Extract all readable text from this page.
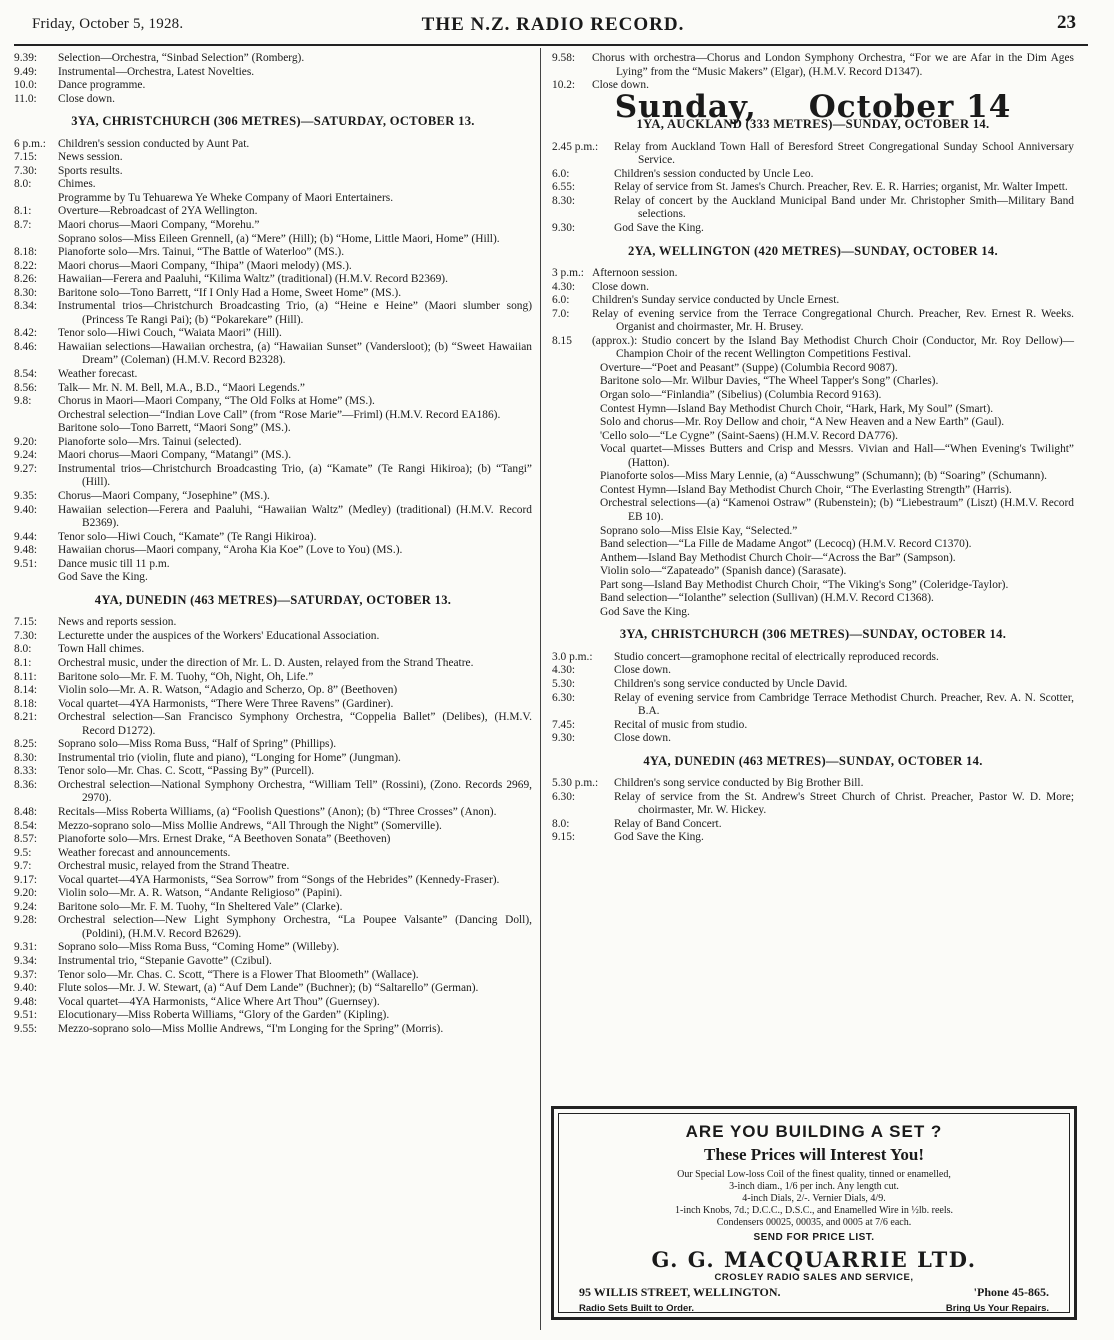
Friday, October 5, 1928.	THE N.Z. RADIO RECORD.	23
9.39:	Selection—Orchestra, “Sinbad Selection” (Romberg).
9.49:	Instrumental—Orchestra, Latest Novelties.
10.0:	Dance programme.
11.0:	Close down.
3YA, CHRISTCHURCH (306 METRES)—SATURDAY, OCTOBER 13.
6 p.m.:	Children's session conducted by Aunt Pat.
7.15:	News session.
7.30:	Sports results.
8.0:	Chimes.
Programme by Tu Tehuarewa Ye Wheke Company of Maori Entertainers.
8.1:	Overture—Rebroadcast of 2YA Wellington.
8.7:	Maori chorus—Maori Company, “Morehu.”
Soprano solos—Miss Eileen Grennell, (a) “Mere” (Hill); (b) “Home, Little Maori, Home” (Hill).
8.18:	Pianoforte solo—Mrs. Tainui, “The Battle of Waterloo” (MS.).
8.22:	Maori chorus—Maori Company, “Ihipa” (Maori melody) (MS.).
8.26:	Hawaiian—Ferera and Paaluhi, “Kilima Waltz” (traditional) (H.M.V. Record B2369).
8.30:	Baritone solo—Tono Barrett, “If I Only Had a Home, Sweet Home” (MS.).
8.34:	Instrumental trios—Christchurch Broadcasting Trio, (a) “Heine e Heine” (Maori slumber song) (Princess Te Rangi Pai); (b) “Pokarekare” (Hill).
8.42:	Tenor solo—Hiwi Couch, “Waiata Maori” (Hill).
8.46:	Hawaiian selections—Hawaiian orchestra, (a) “Hawaiian Sunset” (Vandersloot); (b) “Sweet Hawaiian Dream” (Coleman) (H.M.V. Record B2328).
8.54:	Weather forecast.
8.56:	Talk— Mr. N. M. Bell, M.A., B.D., “Maori Legends.”
9.8:	Chorus in Maori—Maori Company, “The Old Folks at Home” (MS.).
Orchestral selection—“Indian Love Call” (from “Rose Marie”—Friml) (H.M.V. Record EA186).
Baritone solo—Tono Barrett, “Maori Song” (MS.).
9.20:	Pianoforte solo—Mrs. Tainui (selected).
9.24:	Maori chorus—Maori Company, “Matangi” (MS.).
9.27:	Instrumental trios—Christchurch Broadcasting Trio, (a) “Kamate” (Te Rangi Hikiroa); (b) “Tangi” (Hill).
9.35:	Chorus—Maori Company, “Josephine” (MS.).
9.40:	Hawaiian selection—Ferera and Paaluhi, “Hawaiian Waltz” (Medley) (traditional) (H.M.V. Record B2369).
9.44:	Tenor solo—Hiwi Couch, “Kamate” (Te Rangi Hikiroa).
9.48:	Hawaiian chorus—Maori company, “Aroha Kia Koe” (Love to You) (MS.).
9.51:	Dance music till 11 p.m.
God Save the King.
4YA, DUNEDIN (463 METRES)—SATURDAY, OCTOBER 13.
7.15:	News and reports session.
7.30:	Lecturette under the auspices of the Workers' Educational Association.
8.0:	Town Hall chimes.
8.1:	Orchestral music, under the direction of Mr. L. D. Austen, relayed from the Strand Theatre.
8.11:	Baritone solo—Mr. F. M. Tuohy, “Oh, Night, Oh, Life.”
8.14:	Violin solo—Mr. A. R. Watson, “Adagio and Scherzo, Op. 8” (Beethoven)
8.18:	Vocal quartet—4YA Harmonists, “There Were Three Ravens” (Gardiner).
8.21:	Orchestral selection—San Francisco Symphony Orchestra, “Coppelia Ballet” (Delibes), (H.M.V. Record D1272).
8.25:	Soprano solo—Miss Roma Buss, “Half of Spring” (Phillips).
8.30:	Instrumental trio (violin, flute and piano), “Longing for Home” (Jungman).
8.33:	Tenor solo—Mr. Chas. C. Scott, “Passing By” (Purcell).
8.36:	Orchestral selection—National Symphony Orchestra, “William Tell” (Rossini), (Zono. Records 2969, 2970).
8.48:	Recitals—Miss Roberta Williams, (a) “Foolish Questions” (Anon); (b) “Three Crosses” (Anon).
8.54:	Mezzo-soprano solo—Miss Mollie Andrews, “All Through the Night” (Somerville).
8.57:	Pianoforte solo—Mrs. Ernest Drake, “A Beethoven Sonata” (Beethoven)
9.5:	Weather forecast and announcements.
9.7:	Orchestral music, relayed from the Strand Theatre.
9.17:	Vocal quartet—4YA Harmonists, “Sea Sorrow” from “Songs of the Hebrides” (Kennedy-Fraser).
9.20:	Violin solo—Mr. A. R. Watson, “Andante Religioso” (Papini).
9.24:	Baritone solo—Mr. F. M. Tuohy, “In Sheltered Vale” (Clarke).
9.28:	Orchestral selection—New Light Symphony Orchestra, “La Poupee Valsante” (Dancing Doll), (Poldini), (H.M.V. Record B2629).
9.31:	Soprano solo—Miss Roma Buss, “Coming Home” (Willeby).
9.34:	Instrumental trio, “Stepanie Gavotte” (Czibul).
9.37:	Tenor solo—Mr. Chas. C. Scott, “There is a Flower That Bloometh” (Wallace).
9.40:	Flute solos—Mr. J. W. Stewart, (a) “Auf Dem Lande” (Buchner); (b) “Saltarello” (German).
9.48:	Vocal quartet—4YA Harmonists, “Alice Where Art Thou” (Guernsey).
9.51:	Elocutionary—Miss Roberta Williams, “Glory of the Garden” (Kipling).
9.55:	Mezzo-soprano solo—Miss Mollie Andrews, “I'm Longing for the Spring” (Morris).
9.58:	Chorus with orchestra—Chorus and London Symphony Orchestra, “For we are Afar in the Dim Ages Lying” from the “Music Makers” (Elgar), (H.M.V. Record D1347).
10.2:	Close down.
Sunday, October 14
1YA, AUCKLAND (333 METRES)—SUNDAY, OCTOBER 14.
2.45 p.m.:	Relay from Auckland Town Hall of Beresford Street Congregational Sunday School Anniversary Service.
6.0:	Children's session conducted by Uncle Leo.
6.55:	Relay of service from St. James's Church. Preacher, Rev. E. R. Harries; organist, Mr. Walter Impett.
8.30:	Relay of concert by the Auckland Municipal Band under Mr. Christopher Smith—Military Band selections.
9.30:	God Save the King.
2YA, WELLINGTON (420 METRES)—SUNDAY, OCTOBER 14.
3 p.m.: Afternoon session.
4.30:	Close down.
6.0:	Children's Sunday service conducted by Uncle Ernest.
7.0:	Relay of evening service from the Terrace Congregational Church. Preacher, Rev. Ernest R. Weeks. Organist and choirmaster, Mr. H. Brusey.
8.15	(approx.): Studio concert by the Island Bay Methodist Church Choir (Conductor, Mr. Roy Dellow)—Champion Choir of the recent Wellington Competitions Festival.
Overture—“Poet and Peasant” (Suppe) (Columbia Record 9087).
Baritone solo—Mr. Wilbur Davies, “The Wheel Tapper's Song” (Charles).
Organ solo—“Finlandia” (Sibelius) (Columbia Record 9163).
Contest Hymn—Island Bay Methodist Church Choir, “Hark, Hark, My Soul” (Smart).
Solo and chorus—Mr. Roy Dellow and choir, “A New Heaven and a New Earth” (Gaul).
'Cello solo—“Le Cygne” (Saint-Saens) (H.M.V. Record DA776).
Vocal quartet—Misses Butters and Crisp and Messrs. Vivian and Hall—“When Evening's Twilight” (Hatton).
Pianoforte solos—Miss Mary Lennie, (a) “Ausschwung” (Schumann); (b) “Soaring” (Schumann).
Contest Hymn—Island Bay Methodist Church Choir, “The Everlasting Strength” (Harris).
Orchestral selections—(a) “Kamenoi Ostraw” (Rubenstein); (b) “Liebestraum” (Liszt) (H.M.V. Record EB 10).
Soprano solo—Miss Elsie Kay, “Selected.”
Band selection—“La Fille de Madame Angot” (Lecocq) (H.M.V. Record C1370).
Anthem—Island Bay Methodist Church Choir—“Across the Bar” (Sampson).
Violin solo—“Zapateado” (Spanish dance) (Sarasate).
Part song—Island Bay Methodist Church Choir, “The Viking's Song” (Coleridge-Taylor).
Band selection—“Iolanthe” selection (Sullivan) (H.M.V. Record C1368).
God Save the King.
3YA, CHRISTCHURCH (306 METRES)—SUNDAY, OCTOBER 14.
3.0 p.m.:	Studio concert—gramophone recital of electrically reproduced records.
4.30:	Close down.
5.30:	Children's song service conducted by Uncle David.
6.30:	Relay of evening service from Cambridge Terrace Methodist Church. Preacher, Rev. A. N. Scotter, B.A.
7.45:	Recital of music from studio.
9.30:	Close down.
4YA, DUNEDIN (463 METRES)—SUNDAY, OCTOBER 14.
5.30 p.m.:	Children's song service conducted by Big Brother Bill.
6.30:	Relay of service from the St. Andrew's Street Church of Christ. Preacher, Pastor W. D. More; choirmaster, Mr. W. Hickey.
8.0:	Relay of Band Concert.
9.15:	God Save the King.
ARE YOU BUILDING A SET ?
These Prices will Interest You!

Our Special Low-loss Coil of the finest quality, tinned or enamelled,

3-inch diam., 1/6 per inch. Any length cut.

4-inch Dials, 2/-. Vernier Dials, 4/9.

1-inch Knobs, 7d.; D.C.C., D.S.C., and Enamelled Wire in ½lb. reels.

Condensers 00025, 00035, and 0005 at 7/6 each.

SEND FOR PRICE LIST.
G. G. MACQUARRIE LTD.
CROSLEY RADIO SALES AND SERVICE,
95 WILLIS STREET, WELLINGTON.	'Phone 45-865.
Radio Sets Built to Order.	Bring Us Your Repairs.
